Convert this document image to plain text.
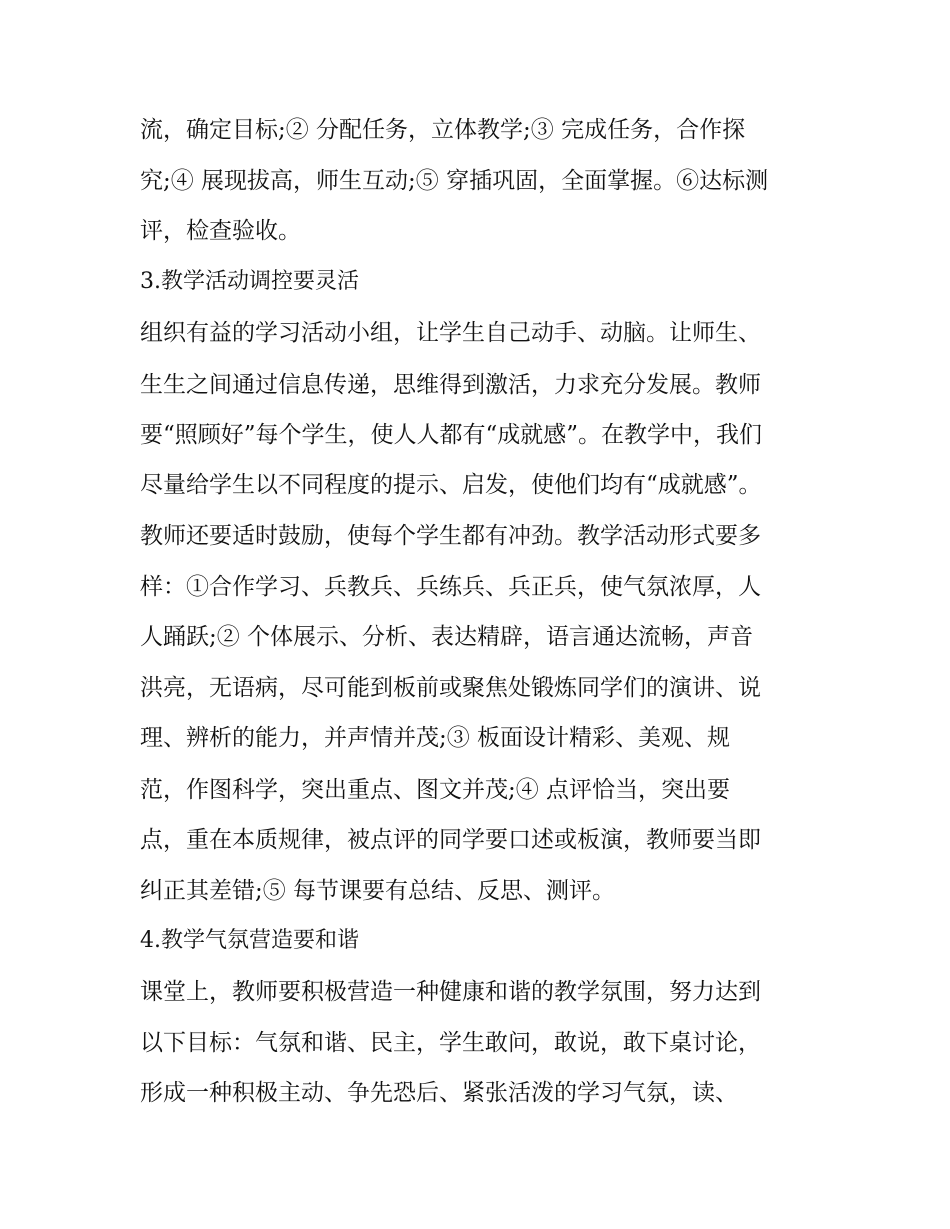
流，确定目标;② 分配任务，立体教学;③ 完成任务，合作探

究;④ 展现拔高，师生互动;⑤ 穿插巩固，全面掌握。⑥达标测

评，检查验收。

3.教学活动调控要灵活

组织有益的学习活动小组，让学生自己动手、动脑。让师生、

生生之间通过信息传递，思维得到激活，力求充分发展。教师

要“照顾好”每个学生，使人人都有“成就感”。在教学中，我们

尽量给学生以不同程度的提示、启发，使他们均有“成就感”。

教师还要适时鼓励，使每个学生都有冲劲。教学活动形式要多

样：①合作学习、兵教兵、兵练兵、兵正兵，使气氛浓厚，人

人踊跃;② 个体展示、分析、表达精辟，语言通达流畅，声音

洪亮，无语病，尽可能到板前或聚焦处锻炼同学们的演讲、说

理、辨析的能力，并声情并茂;③ 板面设计精彩、美观、规

范，作图科学，突出重点、图文并茂;④ 点评恰当，突出要

点，重在本质规律，被点评的同学要口述或板演，教师要当即

纠正其差错;⑤ 每节课要有总结、反思、测评。

4.教学气氛营造要和谐

课堂上，教师要积极营造一种健康和谐的教学氛围，努力达到

以下目标：气氛和谐、民主，学生敢问，敢说，敢下桌讨论，

形成一种积极主动、争先恐后、紧张活泼的学习气氛，读、
